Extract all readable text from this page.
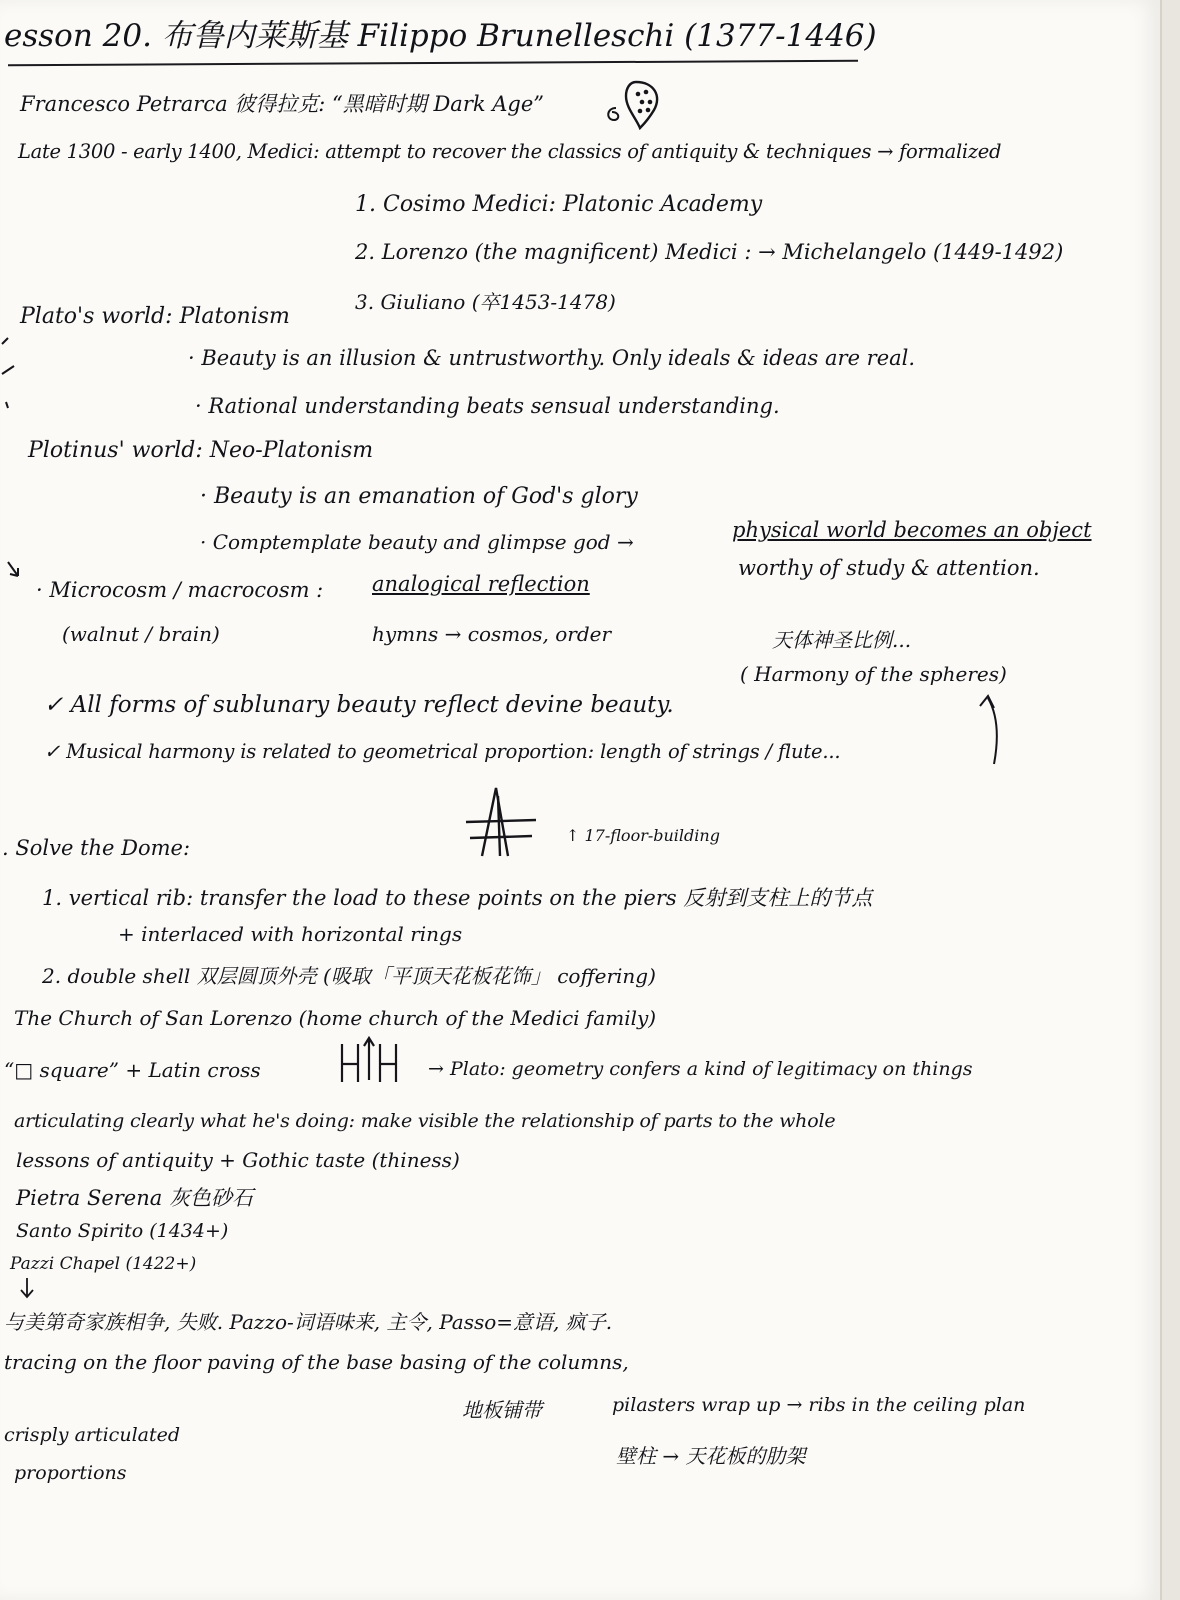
esson 20. 布鲁内莱斯基 Filippo Brunelleschi (1377-1446)
Francesco Petrarca 彼得拉克: “黑暗时期 Dark Age”
Late 1300 - early 1400, Medici: attempt to recover the classics of antiquity & techniques → formalized
1. Cosimo Medici: Platonic Academy
2. Lorenzo (the magnificent) Medici : → Michelangelo (1449-1492)
3. Giuliano (卒1453-1478)
Plato's world: Platonism
· Beauty is an illusion & untrustworthy. Only ideals & ideas are real.
· Rational understanding beats sensual understanding.
Plotinus' world: Neo-Platonism
· Beauty is an emanation of God's glory
· Comptemplate beauty and glimpse god →	physical world becomes an object
worthy of study & attention.
· Microcosm / macrocosm : analogical reflection
(walnut / brain)	hymns → cosmos, order	天体神圣比例...
( Harmony of the spheres)
✓ All forms of sublunary beauty reflect devine beauty.
✓ Musical harmony is related to geometrical proportion: length of strings / flute...
↑ 17-floor-building
. Solve the Dome:
1. vertical rib: transfer the load to these points on the piers 反射到支柱上的节点
+ interlaced with horizontal rings
2. double shell 双层圆顶外壳 (吸取「平顶天花板花饰」 coffering)
The Church of San Lorenzo (home church of the Medici family)
“□ square” + Latin cross	→ Plato: geometry confers a kind of legitimacy on things
articulating clearly what he's doing: make visible the relationship of parts to the whole
lessons of antiquity + Gothic taste (thiness)
Pietra Serena 灰色砂石
Santo Spirito (1434+)
Pazzi Chapel (1422+)
与美第奇家族相争, 失败. Pazzo-词语味来, 主令, Passo=意语, 疯子.
tracing on the floor paving of the base basing of the columns,
地板铺带	pilasters wrap up → ribs in the ceiling plan
crisply articulated
壁柱 → 天花板的肋架
proportions
